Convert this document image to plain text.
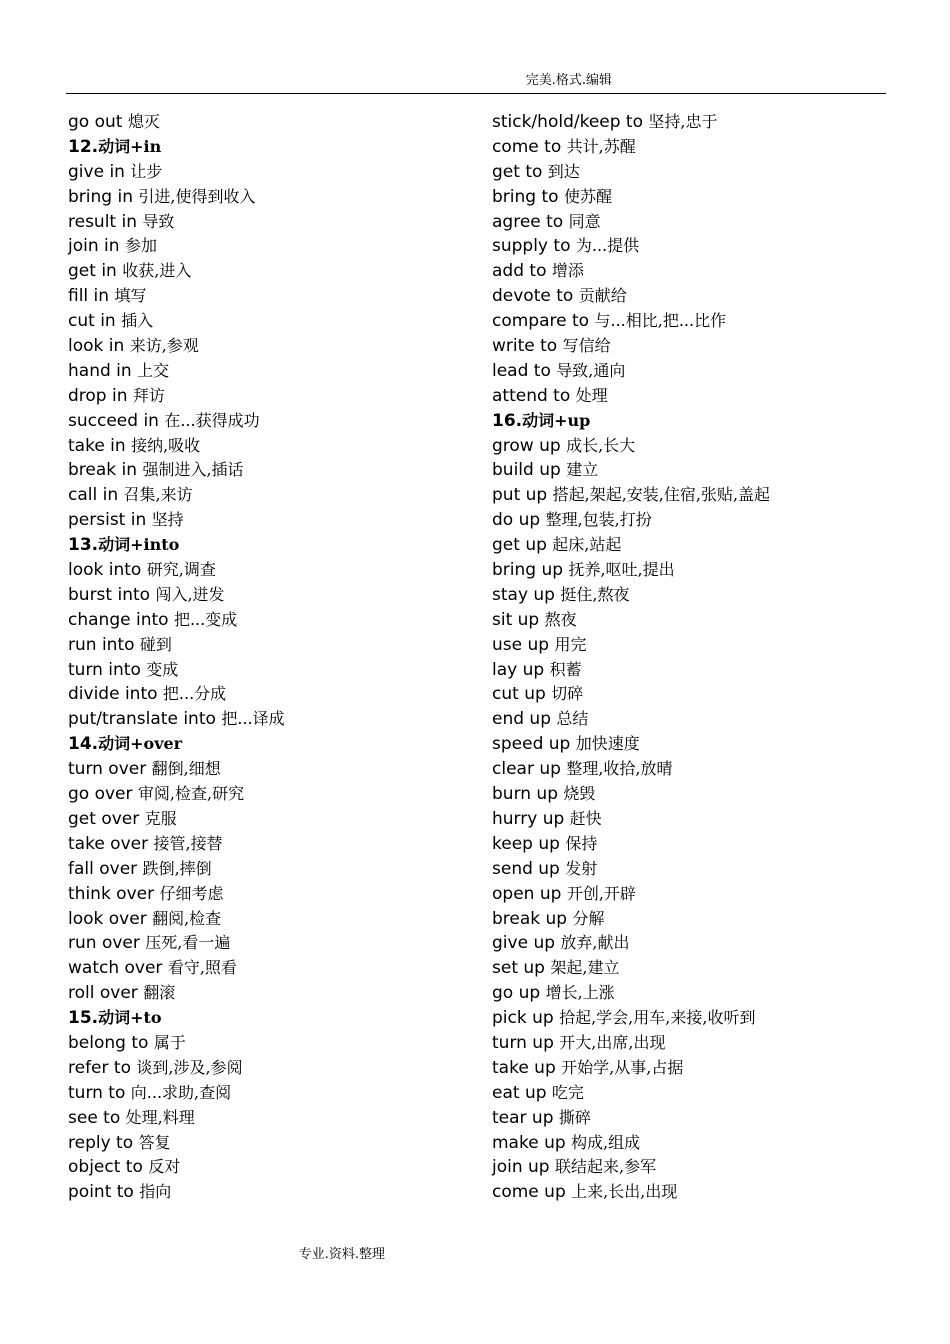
完美.格式.编辑
go out 熄灭
12.动词+in
give in 让步
bring in 引进,使得到收入
result in 导致
join in 参加
get in 收获,进入
fill in 填写
cut in 插入
look in 来访,参观
hand in 上交
drop in 拜访
succeed in 在...获得成功
take in 接纳,吸收
break in 强制进入,插话
call in 召集,来访
persist in 坚持
13.动词+into
look into 研究,调查
burst into 闯入,迸发
change into 把...变成
run into 碰到
turn into 变成
divide into 把...分成
put/translate into 把...译成
14.动词+over
turn over 翻倒,细想
go over 审阅,检查,研究
get over 克服
take over 接管,接替
fall over 跌倒,摔倒
think over 仔细考虑
look over 翻阅,检查
run over 压死,看一遍
watch over 看守,照看
roll over 翻滚
15.动词+to
belong to 属于
refer to 谈到,涉及,参阅
turn to 向...求助,查阅
see to 处理,料理
reply to 答复
object to 反对
point to 指向
stick/hold/keep to 坚持,忠于
come to 共计,苏醒
get to 到达
bring to 使苏醒
agree to 同意
supply to 为...提供
add to 增添
devote to 贡献给
compare to 与...相比,把...比作
write to 写信给
lead to 导致,通向
attend to 处理
16.动词+up
grow up 成长,长大
build up 建立
put up 搭起,架起,安装,住宿,张贴,盖起
do up 整理,包装,打扮
get up 起床,站起
bring up 抚养,呕吐,提出
stay up 挺住,熬夜
sit up 熬夜
use up 用完
lay up 积蓄
cut up 切碎
end up 总结
speed up 加快速度
clear up 整理,收拾,放晴
burn up 烧毁
hurry up 赶快
keep up 保持
send up 发射
open up 开创,开辟
break up 分解
give up 放弃,献出
set up 架起,建立
go up 增长,上涨
pick up 拾起,学会,用车,来接,收听到
turn up 开大,出席,出现
take up 开始学,从事,占据
eat up 吃完
tear up 撕碎
make up 构成,组成
join up 联结起来,参军
come up 上来,长出,出现
专业.资料.整理
